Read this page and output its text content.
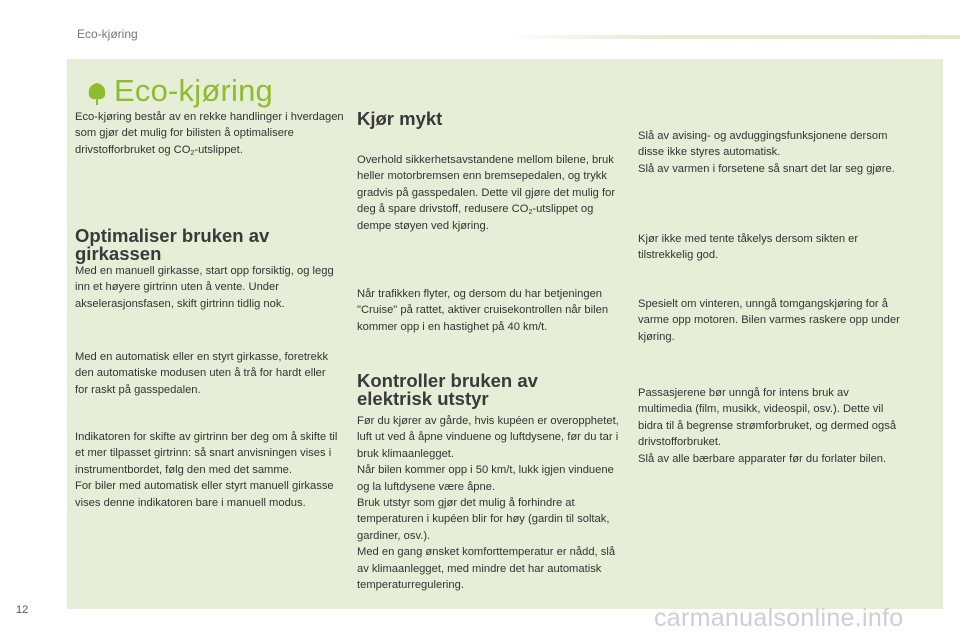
Eco-kjøring
Eco-kjøring
Eco-kjøring består av en rekke handlinger i hverdagen som gjør det mulig for bilisten å optimalisere drivstofforbruket og $CO_2$-utslippet.
Optimaliser bruken av girkassen
Med en manuell girkasse, start opp forsiktig, og legg inn et høyere girtrinn uten å vente. Under akselerasjonsfasen, skift girtrinn tidlig nok.
Med en automatisk eller en styrt girkasse, foretrekk den automatiske modusen uten å trå for hardt eller for raskt på gasspedalen.
Indikatoren for skifte av girtrinn ber deg om å skifte til et mer tilpasset girtrinn: så snart anvisningen vises i instrumentbordet, følg den med det samme.
For biler med automatisk eller styrt manuell girkasse vises denne indikatoren bare i manuell modus.
Kjør mykt
Overhold sikkerhetsavstandene mellom bilene, bruk heller motorbremsen enn bremsepedalen, og trykk gradvis på gasspedalen. Dette vil gjøre det mulig for deg å spare drivstoff, redusere $CO_2$-utslippet og dempe støyen ved kjøring.
Når trafikken flyter, og dersom du har betjeningen "Cruise" på rattet, aktiver cruisekontrollen når bilen kommer opp i en hastighet på 40 km/t.
Kontroller bruken av elektrisk utstyr
Før du kjører av gårde, hvis kupéen er overopphetet, luft ut ved å åpne vinduene og luftdysene, før du tar i bruk klimaanlegget.
Når bilen kommer opp i 50 km/t, lukk igjen vinduene og la luftdysene være åpne.
Bruk utstyr som gjør det mulig å forhindre at temperaturen i kupéen blir for høy (gardin til soltak, gardiner, osv.).
Med en gang ønsket komforttemperatur er nådd, slå av klimaanlegget, med mindre det har automatisk temperaturregulering.
Slå av avising- og avduggingsfunksjonene dersom disse ikke styres automatisk.
Slå av varmen i forsetene så snart det lar seg gjøre.
Kjør ikke med tente tåkelys dersom sikten er tilstrekkelig god.
Spesielt om vinteren, unngå tomgangskjøring for å varme opp motoren. Bilen varmes raskere opp under kjøring.
Passasjerene bør unngå for intens bruk av multimedia (film, musikk, videospil, osv.). Dette vil bidra til å begrense strømforbruket, og dermed også drivstofforbruket.
Slå av alle bærbare apparater før du forlater bilen.
12	carmanualsonline.info
